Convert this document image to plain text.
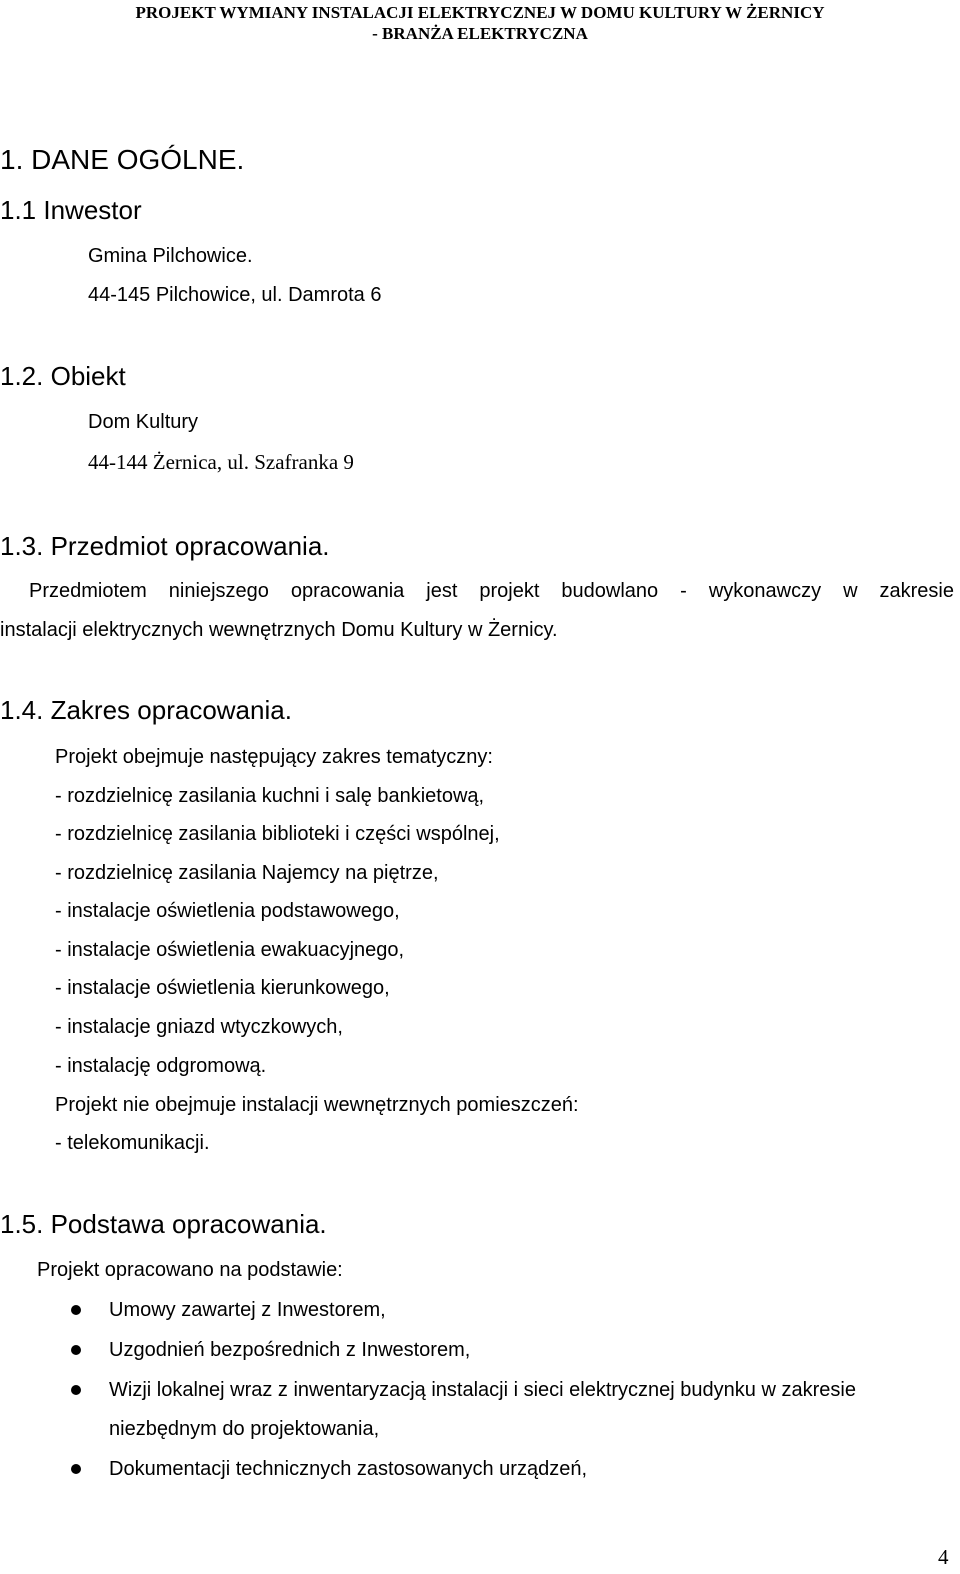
PROJEKT WYMIANY INSTALACJI ELEKTRYCZNEJ W DOMU KULTURY W ŻERNICY
- BRANŻA ELEKTRYCZNA
1. DANE OGÓLNE.
1.1 Inwestor
Gmina Pilchowice.
44-145 Pilchowice, ul. Damrota 6
1.2. Obiekt
Dom Kultury
44-144 Żernica, ul. Szafranka 9
1.3. Przedmiot opracowania.
Przedmiotem niniejszego opracowania jest projekt budowlano - wykonawczy w zakresie
instalacji elektrycznych wewnętrznych Domu Kultury w Żernicy.
1.4. Zakres opracowania.
Projekt obejmuje następujący zakres tematyczny:
- rozdzielnicę zasilania kuchni i salę bankietową,
- rozdzielnicę zasilania biblioteki i części wspólnej,
- rozdzielnicę zasilania Najemcy na piętrze,
- instalacje oświetlenia podstawowego,
- instalacje oświetlenia ewakuacyjnego,
- instalacje oświetlenia kierunkowego,
- instalacje gniazd wtyczkowych,
- instalację odgromową.
Projekt nie obejmuje instalacji wewnętrznych pomieszczeń:
- telekomunikacji.
1.5. Podstawa opracowania.
Projekt opracowano na podstawie:
Umowy zawartej z Inwestorem,
Uzgodnień bezpośrednich z Inwestorem,
Wizji lokalnej wraz z inwentaryzacją instalacji i sieci elektrycznej budynku w zakresie
niezbędnym do projektowania,
Dokumentacji technicznych zastosowanych urządzeń,
4
